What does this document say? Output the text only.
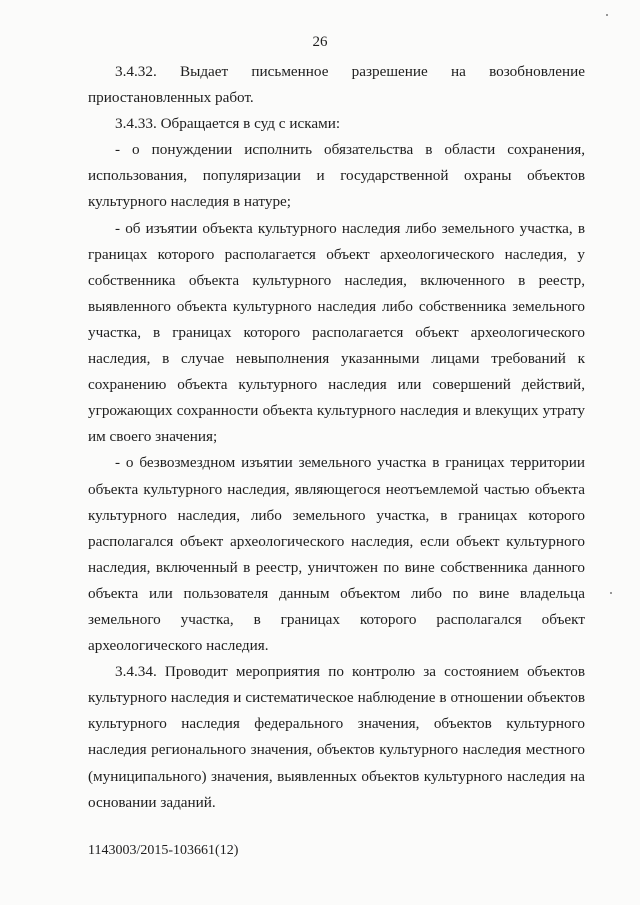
26

3.4.32. Выдает письменное разрешение на возобновление приостановленных работ.

3.4.33. Обращается в суд с исками:

- о понуждении исполнить обязательства в области сохранения, использования, популяризации и государственной охраны объектов культурного наследия в натуре;

- об изъятии объекта культурного наследия либо земельного участка, в границах которого располагается объект археологического наследия, у собственника объекта культурного наследия, включенного в реестр, выявленного объекта культурного наследия либо собственника земельного участка, в границах которого располагается объект археологического наследия, в случае невыполнения указанными лицами требований к сохранению объекта культурного наследия или совершений действий, угрожающих сохранности объекта культурного наследия и влекущих утрату им своего значения;

- о безвозмездном изъятии земельного участка в границах территории объекта культурного наследия, являющегося неотъемлемой частью объекта культурного наследия, либо земельного участка, в границах которого располагался объект археологического наследия, если объект культурного наследия, включенный в реестр, уничтожен по вине собственника данного объекта или пользователя данным объектом либо по вине владельца земельного участка, в границах которого располагался объект археологического наследия.

3.4.34. Проводит мероприятия по контролю за состоянием объектов культурного наследия и систематическое наблюдение в отношении объектов культурного наследия федерального значения, объектов культурного наследия регионального значения, объектов культурного наследия местного (муниципального) значения, выявленных объектов культурного наследия на основании заданий.

1143003/2015-103661(12)
